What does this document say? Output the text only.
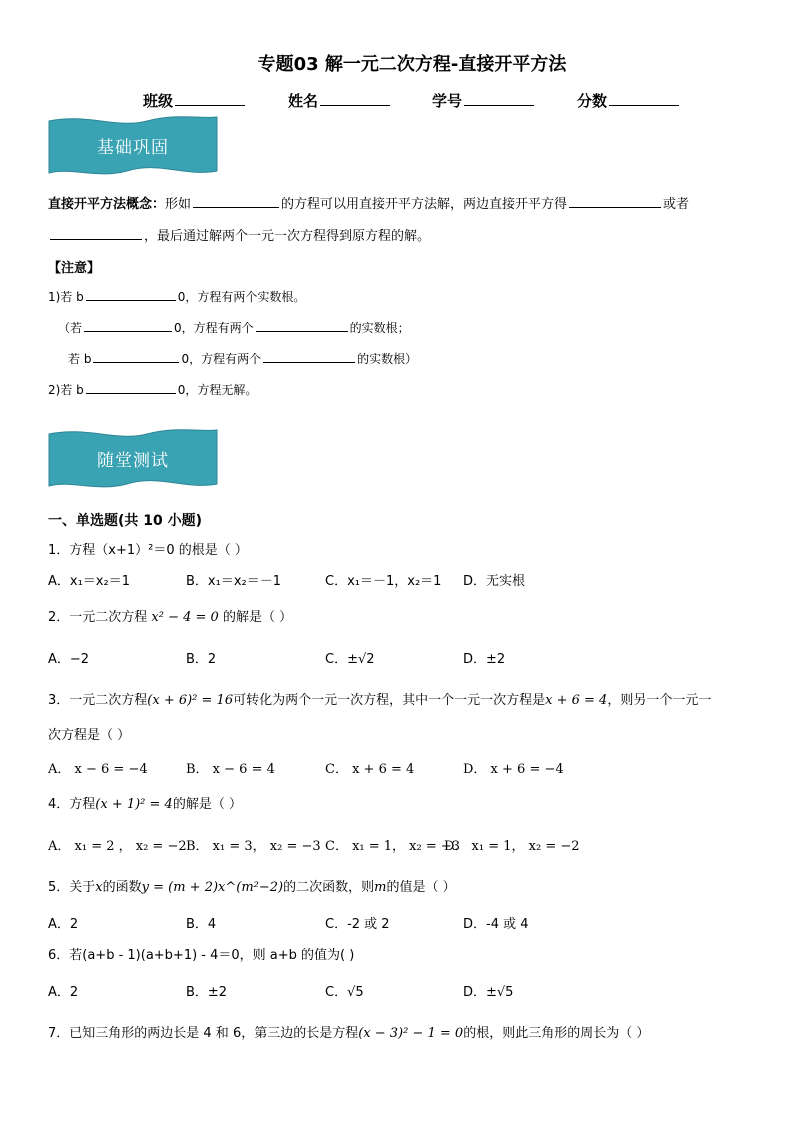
专题03 解一元二次方程-直接开平方法
班级	姓名	学号	分数
基础巩固
直接开平方法概念：形如	的方程可以用直接开平方法解，两边直接开平方得	或者
，最后通过解两个一元一次方程得到原方程的解。
【注意】
1)若 b	0，方程有两个实数根。
（若	0，方程有两个	的实数根；
若 b	0，方程有两个	的实数根）
2)若 b	0，方程无解。
随堂测试
一、单选题(共 10 小题)
1．方程（x+1）²＝0 的根是（ ）
A．x₁＝x₂＝1	B．x₁＝x₂＝－1	C．x₁＝－1，x₂＝1 D．无实根
2．一元二次方程 x² − 4 = 0 的解是（ ）
A．−2	B．2	C．±√2	D．±2
3．一元二次方程(x + 6)² = 16可转化为两个一元一次方程，其中一个一元一次方程是x + 6 = 4，则另一个一元一
次方程是（ ）
A． x − 6 = −4	B． x − 6 = 4	C． x + 6 = 4	D． x + 6 = −4
4．方程(x + 1)² = 4的解是（ ）
A． x₁ = 2 ， x₂ = −2 B． x₁ = 3， x₂ = −3 C． x₁ = 1， x₂ = −3
D． x₁ = 1， x₂ = −2
5．关于x的函数y = (m + 2)x^(m²−2)的二次函数，则m的值是（ ）
A．2	B．4	C．-2 或 2	D．-4 或 4
6．若(a+b - 1)(a+b+1) - 4＝0，则 a+b 的值为( )
A．2	B．±2	C．√5	D．±√5
7．已知三角形的两边长是 4 和 6，第三边的长是方程(x − 3)² − 1 = 0的根，则此三角形的周长为（ ）
